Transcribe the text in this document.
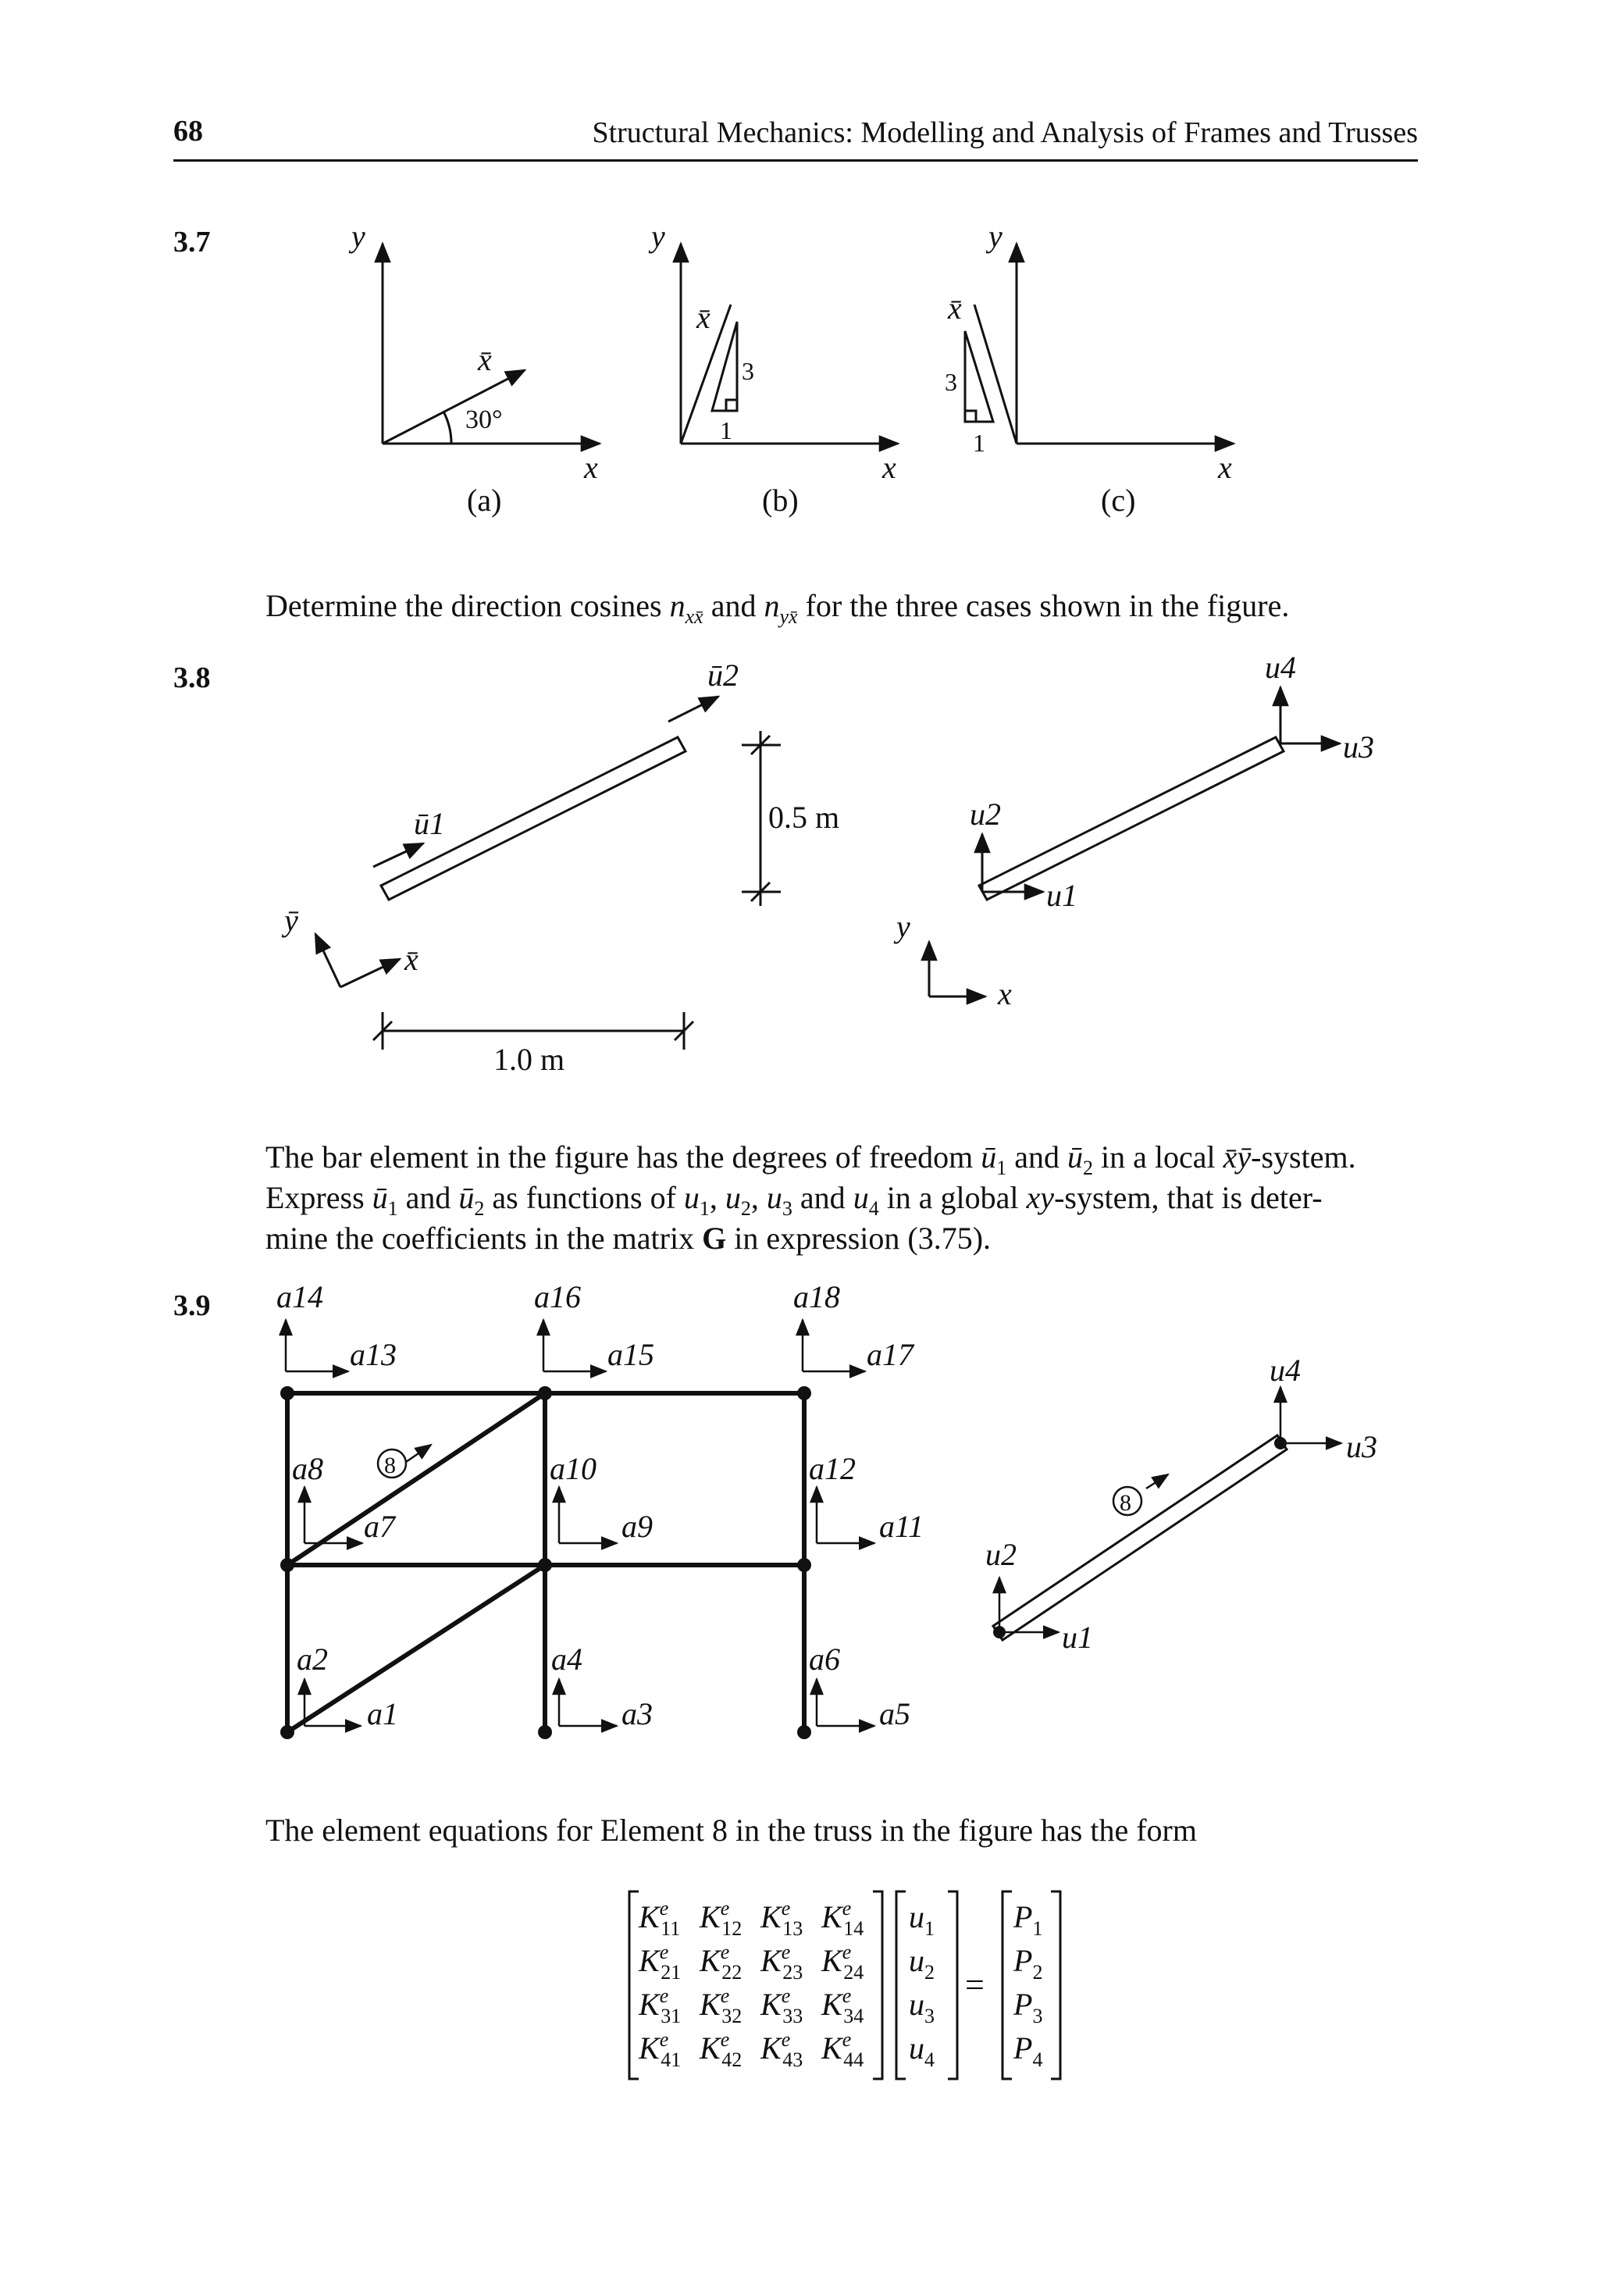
68	Structural Mechanics: Modelling and Analysis of Frames and Trusses
3.7
3.8
3.9
Determine the direction cosines $n_{xx̄}$ and $n_{yx̄}$ for the three cases shown in the figure.
The bar element in the figure has the degrees of freedom $ū_1$ and $ū_2$ in a local x̄ȳ-system.
Express $ū_1$ and $ū_2$ as functions of $u_1$, $u_2$, $u_3$ and $u_4$ in a global xy-system, that is deter-
mine the coefficients in the matrix G in expression (3.75).
The element equations for Element 8 in the truss in the figure has the form
y
x
x̄
30°
(a)
y
x
x̄
3
1
(b)
y
x
x̄
3
1
(c)
ū1
ū2
ȳ
x̄
0.5 m
1.0 m
u2
u1
u4
u3
y
x
a14
a13
a16
a15
a18
a17
a8
a7
a10
a9
a12
a11
a2
a1
a4
a3
a6
a5
8
u2
u1
u4
u3
8
$K^e$ 11 $K^e$ 12 $K^e$ 13 $K^e$ 14
$K^e$ 21 $K^e$ 22 $K^e$ 23 $K^e$ 24
$K^e$ 31 $K^e$ 32 $K^e$ 33 $K^e$ 34
$K^e$ 41 $K^e$ 42 $K^e$ 43 $K^e$ 44
$u_1$
$u_2$
$u_3$
$u_4$
$P_1$
$P_2$
$P_3$
$P_4$
=
